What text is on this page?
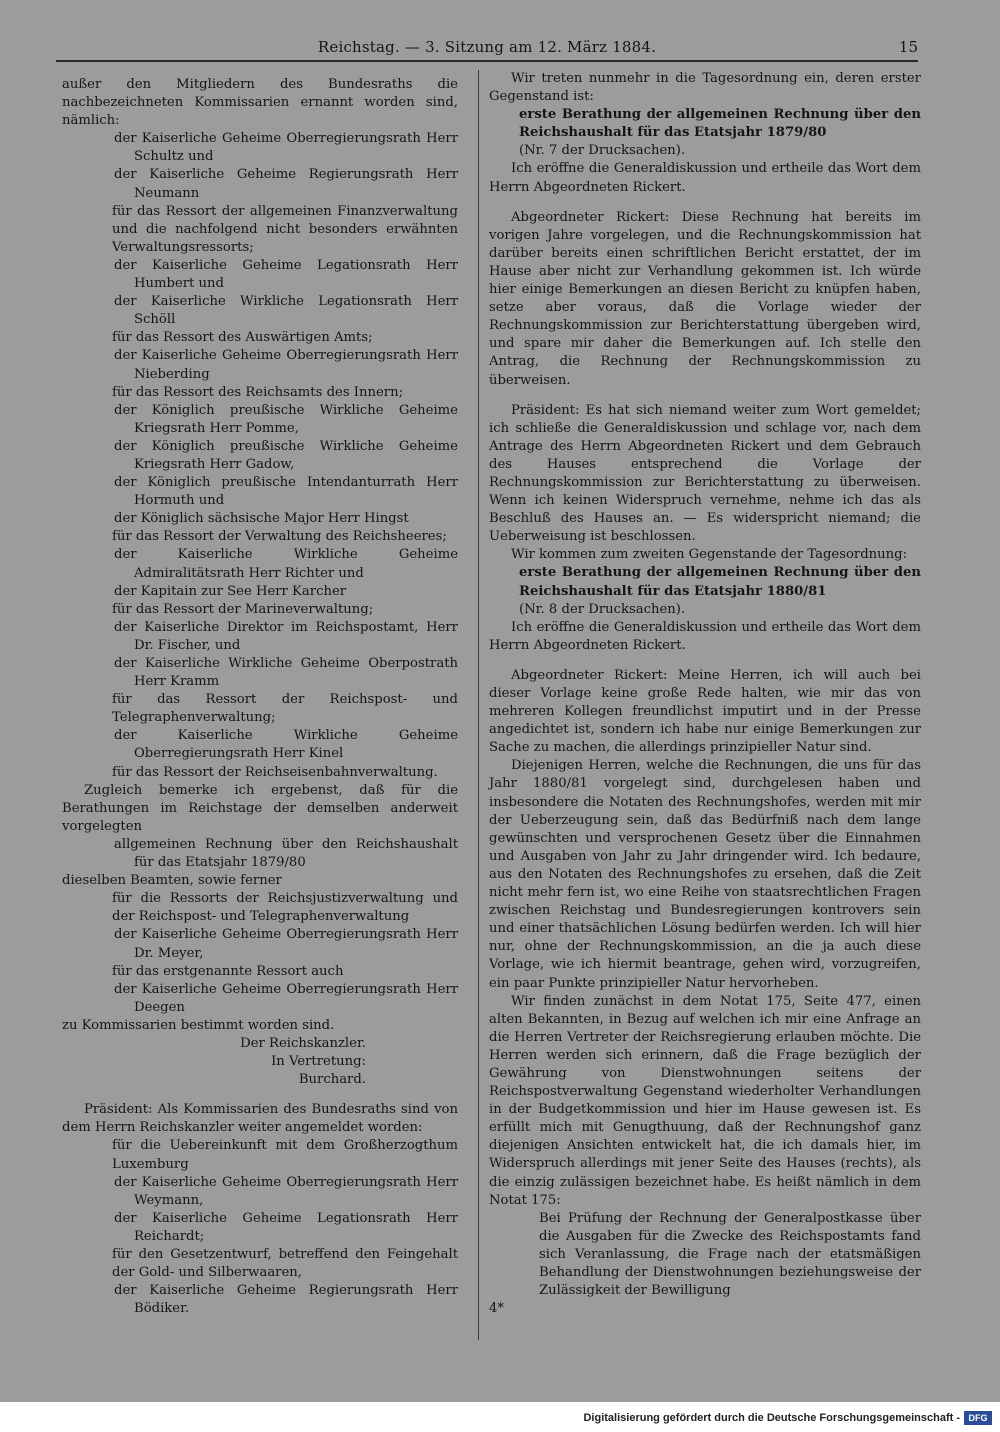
Reichstag. — 3. Sitzung am 12. März 1884.	15

außer den Mitgliedern des Bundesraths die nachbezeichneten Kommissarien ernannt worden sind, nämlich:

der Kaiserliche Geheime Oberregierungsrath Herr Schultz und

der Kaiserliche Geheime Regierungsrath Herr Neumann

für das Ressort der allgemeinen Finanzverwaltung und die nachfolgend nicht besonders erwähnten Verwaltungsressorts;

der Kaiserliche Geheime Legationsrath Herr Humbert und

der Kaiserliche Wirkliche Legationsrath Herr Schöll

für das Ressort des Auswärtigen Amts;

der Kaiserliche Geheime Oberregierungsrath Herr Nieberding

für das Ressort des Reichsamts des Innern;

der Königlich preußische Wirkliche Geheime Kriegsrath Herr Pomme,

der Königlich preußische Wirkliche Geheime Kriegsrath Herr Gadow,

der Königlich preußische Intendanturrath Herr Hormuth und

der Königlich sächsische Major Herr Hingst

für das Ressort der Verwaltung des Reichsheeres;

der Kaiserliche Wirkliche Geheime Admiralitätsrath Herr Richter und

der Kapitain zur See Herr Karcher

für das Ressort der Marineverwaltung;

der Kaiserliche Direktor im Reichspostamt, Herr Dr. Fischer, und

der Kaiserliche Wirkliche Geheime Oberpostrath Herr Kramm

für das Ressort der Reichspost- und Telegraphenverwaltung;

der Kaiserliche Wirkliche Geheime Oberregierungsrath Herr Kinel

für das Ressort der Reichseisenbahnverwaltung.

Zugleich bemerke ich ergebenst, daß für die Berathungen im Reichstage der demselben anderweit vorgelegten

allgemeinen Rechnung über den Reichshaushalt für das Etatsjahr 1879/80

dieselben Beamten, sowie ferner

für die Ressorts der Reichsjustizverwaltung und der Reichspost- und Telegraphenverwaltung

der Kaiserliche Geheime Oberregierungsrath Herr Dr. Meyer,

für das erstgenannte Ressort auch

der Kaiserliche Geheime Oberregierungsrath Herr Deegen

zu Kommissarien bestimmt worden sind.

Der Reichskanzler.

In Vertretung:

Burchard.

Präsident: Als Kommissarien des Bundesraths sind von dem Herrn Reichskanzler weiter angemeldet worden:

für die Uebereinkunft mit dem Großherzogthum Luxemburg

der Kaiserliche Geheime Oberregierungsrath Herr Weymann,

der Kaiserliche Geheime Legationsrath Herr Reichardt;

für den Gesetzentwurf, betreffend den Feingehalt der Gold- und Silberwaaren,

der Kaiserliche Geheime Regierungsrath Herr Bödiker.

Wir treten nunmehr in die Tagesordnung ein, deren erster Gegenstand ist:

erste Berathung der allgemeinen Rechnung über den Reichshaushalt für das Etatsjahr 1879/80

(Nr. 7 der Drucksachen).

Ich eröffne die Generaldiskussion und ertheile das Wort dem Herrn Abgeordneten Rickert.

Abgeordneter Rickert: Diese Rechnung hat bereits im vorigen Jahre vorgelegen, und die Rechnungskommission hat darüber bereits einen schriftlichen Bericht erstattet, der im Hause aber nicht zur Verhandlung gekommen ist. Ich würde hier einige Bemerkungen an diesen Bericht zu knüpfen haben, setze aber voraus, daß die Vorlage wieder der Rechnungskommission zur Berichterstattung übergeben wird, und spare mir daher die Bemerkungen auf. Ich stelle den Antrag, die Rechnung der Rechnungskommission zu überweisen.

Präsident: Es hat sich niemand weiter zum Wort gemeldet; ich schließe die Generaldiskussion und schlage vor, nach dem Antrage des Herrn Abgeordneten Rickert und dem Gebrauch des Hauses entsprechend die Vorlage der Rechnungskommission zur Berichterstattung zu überweisen. Wenn ich keinen Widerspruch vernehme, nehme ich das als Beschluß des Hauses an. — Es widerspricht niemand; die Ueberweisung ist beschlossen.

Wir kommen zum zweiten Gegenstande der Tagesordnung:

erste Berathung der allgemeinen Rechnung über den Reichshaushalt für das Etatsjahr 1880/81

(Nr. 8 der Drucksachen).

Ich eröffne die Generaldiskussion und ertheile das Wort dem Herrn Abgeordneten Rickert.

Abgeordneter Rickert: Meine Herren, ich will auch bei dieser Vorlage keine große Rede halten, wie mir das von mehreren Kollegen freundlichst imputirt und in der Presse angedichtet ist, sondern ich habe nur einige Bemerkungen zur Sache zu machen, die allerdings prinzipieller Natur sind.

Diejenigen Herren, welche die Rechnungen, die uns für das Jahr 1880/81 vorgelegt sind, durchgelesen haben und insbesondere die Notaten des Rechnungshofes, werden mit mir der Ueberzeugung sein, daß das Bedürfniß nach dem lange gewünschten und versprochenen Gesetz über die Einnahmen und Ausgaben von Jahr zu Jahr dringender wird. Ich bedaure, aus den Notaten des Rechnungshofes zu ersehen, daß die Zeit nicht mehr fern ist, wo eine Reihe von staatsrechtlichen Fragen zwischen Reichstag und Bundesregierungen kontrovers sein und einer thatsächlichen Lösung bedürfen werden. Ich will hier nur, ohne der Rechnungskommission, an die ja auch diese Vorlage, wie ich hiermit beantrage, gehen wird, vorzugreifen, ein paar Punkte prinzipieller Natur hervorheben.

Wir finden zunächst in dem Notat 175, Seite 477, einen alten Bekannten, in Bezug auf welchen ich mir eine Anfrage an die Herren Vertreter der Reichsregierung erlauben möchte. Die Herren werden sich erinnern, daß die Frage bezüglich der Gewährung von Dienstwohnungen seitens der Reichspostverwaltung Gegenstand wiederholter Verhandlungen in der Budgetkommission und hier im Hause gewesen ist. Es erfüllt mich mit Genugthuung, daß der Rechnungshof ganz diejenigen Ansichten entwickelt hat, die ich damals hier, im Widerspruch allerdings mit jener Seite des Hauses (rechts), als die einzig zulässigen bezeichnet habe. Es heißt nämlich in dem Notat 175:

Bei Prüfung der Rechnung der Generalpostkasse über die Ausgaben für die Zwecke des Reichspostamts fand sich Veranlassung, die Frage nach der etatsmäßigen Behandlung der Dienstwohnungen beziehungsweise der Zulässigkeit der Bewilligung

4*

Digitalisierung gefördert durch die Deutsche Forschungsgemeinschaft - DFG
